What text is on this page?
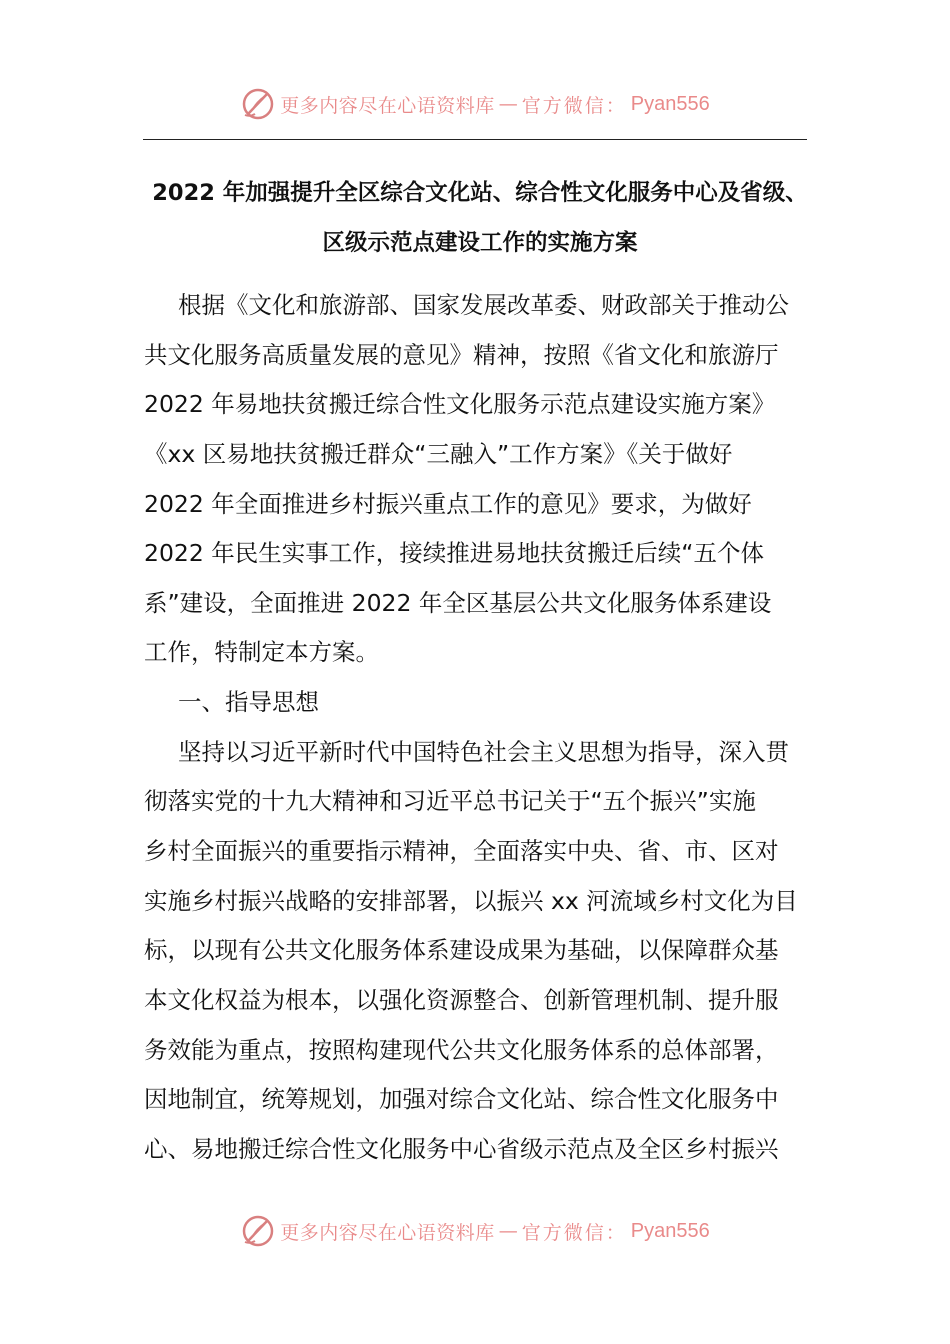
更多内容尽在心语资料库 — 官方微信： Pyan556
2022 年加强提升全区综合文化站、综合性文化服务中心及省级、
区级示范点建设工作的实施方案
根据《文化和旅游部、国家发展改革委、财政部关于推动公
共文化服务高质量发展的意见》精神，按照《省文化和旅游厅
2022 年易地扶贫搬迁综合性文化服务示范点建设实施方案》
《xx 区易地扶贫搬迁群众“三融入”工作方案》《关于做好
2022 年全面推进乡村振兴重点工作的意见》要求，为做好
2022 年民生实事工作，接续推进易地扶贫搬迁后续“五个体
系”建设，全面推进 2022 年全区基层公共文化服务体系建设
工作，特制定本方案。
一、指导思想
坚持以习近平新时代中国特色社会主义思想为指导，深入贯
彻落实党的十九大精神和习近平总书记关于“五个振兴”实施
乡村全面振兴的重要指示精神，全面落实中央、省、市、区对
实施乡村振兴战略的安排部署，以振兴 xx 河流域乡村文化为目
标，以现有公共文化服务体系建设成果为基础，以保障群众基
本文化权益为根本，以强化资源整合、创新管理机制、提升服
务效能为重点，按照构建现代公共文化服务体系的总体部署，
因地制宜，统筹规划，加强对综合文化站、综合性文化服务中
心、易地搬迁综合性文化服务中心省级示范点及全区乡村振兴
更多内容尽在心语资料库 — 官方微信： Pyan556
